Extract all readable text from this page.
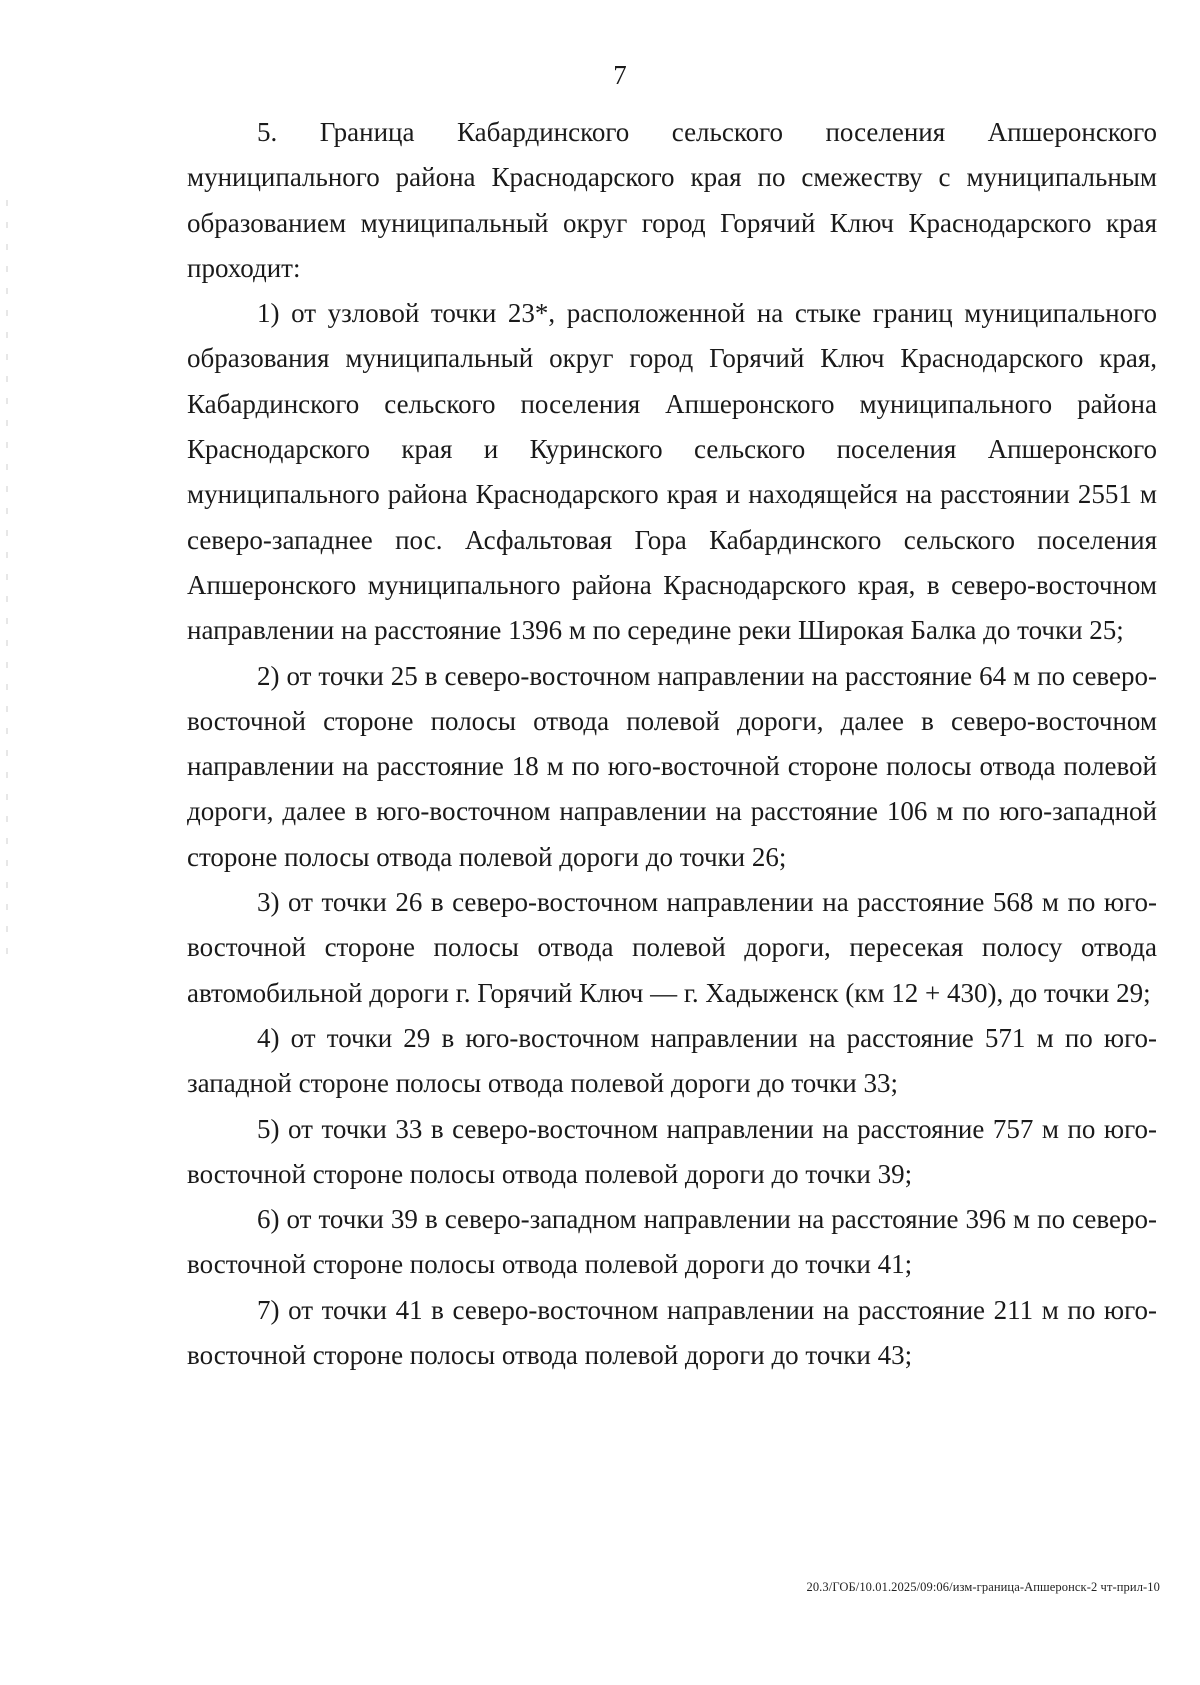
7

5. Граница Кабардинского сельского поселения Апшеронского муниципального района Краснодарского края по смежеству с муниципальным образованием муниципальный округ город Горячий Ключ Краснодарского края проходит:

1) от узловой точки 23*, расположенной на стыке границ муниципального образования муниципальный округ город Горячий Ключ Краснодарского края, Кабардинского сельского поселения Апшеронского муниципального района Краснодарского края и Куринского сельского поселения Апшеронского муниципального района Краснодарского края и находящейся на расстоянии 2551 м северо-западнее пос. Асфальтовая Гора Кабардинского сельского поселения Апшеронского муниципального района Краснодарского края, в северо-восточном направлении на расстояние 1396 м по середине реки Широкая Балка до точки 25;

2) от точки 25 в северо-восточном направлении на расстояние 64 м по северо-восточной стороне полосы отвода полевой дороги, далее в северо-восточном направлении на расстояние 18 м по юго-восточной стороне полосы отвода полевой дороги, далее в юго-восточном направлении на расстояние 106 м по юго-западной стороне полосы отвода полевой дороги до точки 26;

3) от точки 26 в северо-восточном направлении на расстояние 568 м по юго-восточной стороне полосы отвода полевой дороги, пересекая полосу отвода автомобильной дороги г. Горячий Ключ — г. Хадыженск (км 12 + 430), до точки 29;

4) от точки 29 в юго-восточном направлении на расстояние 571 м по юго-западной стороне полосы отвода полевой дороги до точки 33;

5) от точки 33 в северо-восточном направлении на расстояние 757 м по юго-восточной стороне полосы отвода полевой дороги до точки 39;

6) от точки 39 в северо-западном направлении на расстояние 396 м по северо-восточной стороне полосы отвода полевой дороги до точки 41;

7) от точки 41 в северо-восточном направлении на расстояние 211 м по юго-восточной стороне полосы отвода полевой дороги до точки 43;

20.3/ГОБ/10.01.2025/09:06/изм-граница-Апшеронск-2 чт-прил-10
